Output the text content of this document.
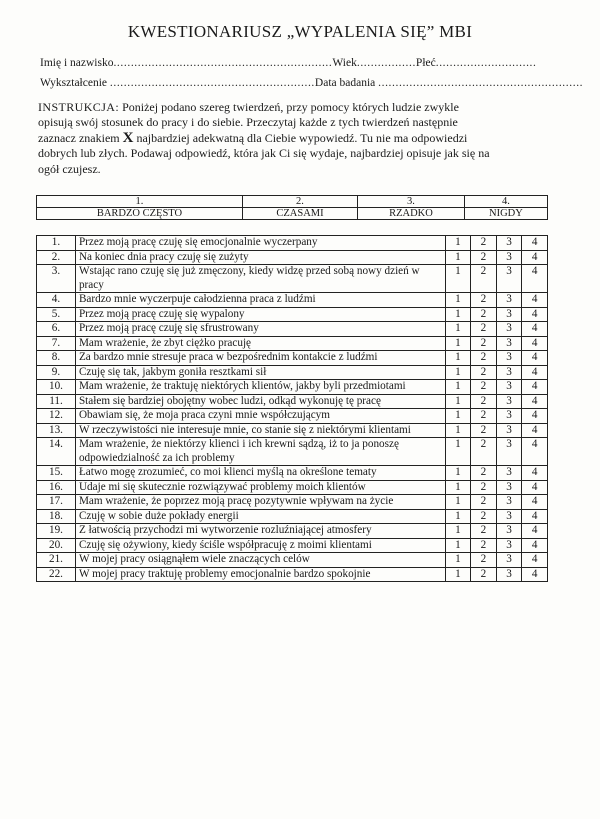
KWESTIONARIUSZ „WYPALENIA SIĘ” MBI
Imię i nazwisko...............................................................Wiek.................Płeć.............................
Wykształcenie ...........................................................Data badania ...........................................................
INSTRUKCJA: Poniżej podano szereg twierdzeń, przy pomocy których ludzie zwykle
opisują swój stosunek do pracy i do siebie. Przeczytaj każde z tych twierdzeń następnie
zaznacz znakiem X najbardziej adekwatną dla Ciebie wypowiedź. Tu nie ma odpowiedzi
dobrych lub złych. Podawaj odpowiedź, która jak Ci się wydaje, najbardziej opisuje jak się na
ogół czujesz.
1.	2.	3.	4.
BARDZO CZĘSTO	CZASAMI	RZADKO	NIGDY
1.	Przez moją pracę czuję się emocjonalnie wyczerpany	1	2	3	4
2.	Na koniec dnia pracy czuję się zużyty	1	2	3	4
3.	Wstając rano czuję się już zmęczony, kiedy widzę przed sobą nowy dzień w pracy	1	2	3	4
4.	Bardzo mnie wyczerpuje całodzienna praca z ludźmi	1	2	3	4
5.	Przez moją pracę czuję się wypalony	1	2	3	4
6.	Przez moją pracę czuję się sfrustrowany	1	2	3	4
7.	Mam wrażenie, że zbyt ciężko pracuję	1	2	3	4
8.	Za bardzo mnie stresuje praca w bezpośrednim kontakcie z ludźmi	1	2	3	4
9.	Czuję się tak, jakbym goniła resztkami sił	1	2	3	4
10.	Mam wrażenie, że traktuję niektórych klientów, jakby byli przedmiotami	1	2	3	4
11.	Stałem się bardziej obojętny wobec ludzi, odkąd wykonuję tę pracę	1	2	3	4
12.	Obawiam się, że moja praca czyni mnie współczującym	1	2	3	4
13.	W rzeczywistości nie interesuje mnie, co stanie się z niektórymi klientami	1	2	3	4
14.	Mam wrażenie, że niektórzy klienci i ich krewni sądzą, iż to ja ponoszę odpowiedzialność za ich problemy	1	2	3	4
15.	Łatwo mogę zrozumieć, co moi klienci myślą na określone tematy	1	2	3	4
16.	Udaje mi się skutecznie rozwiązywać problemy moich klientów	1	2	3	4
17.	Mam wrażenie, że poprzez moją pracę pozytywnie wpływam na życie	1	2	3	4
18.	Czuję w sobie duże pokłady energii	1	2	3	4
19.	Z łatwością przychodzi mi wytworzenie rozluźniającej atmosfery	1	2	3	4
20.	Czuję się ożywiony, kiedy ściśle współpracuję z moimi klientami	1	2	3	4
21.	W mojej pracy osiągnąłem wiele znaczących celów	1	2	3	4
22.	W mojej pracy traktuję problemy emocjonalnie bardzo spokojnie	1	2	3	4
